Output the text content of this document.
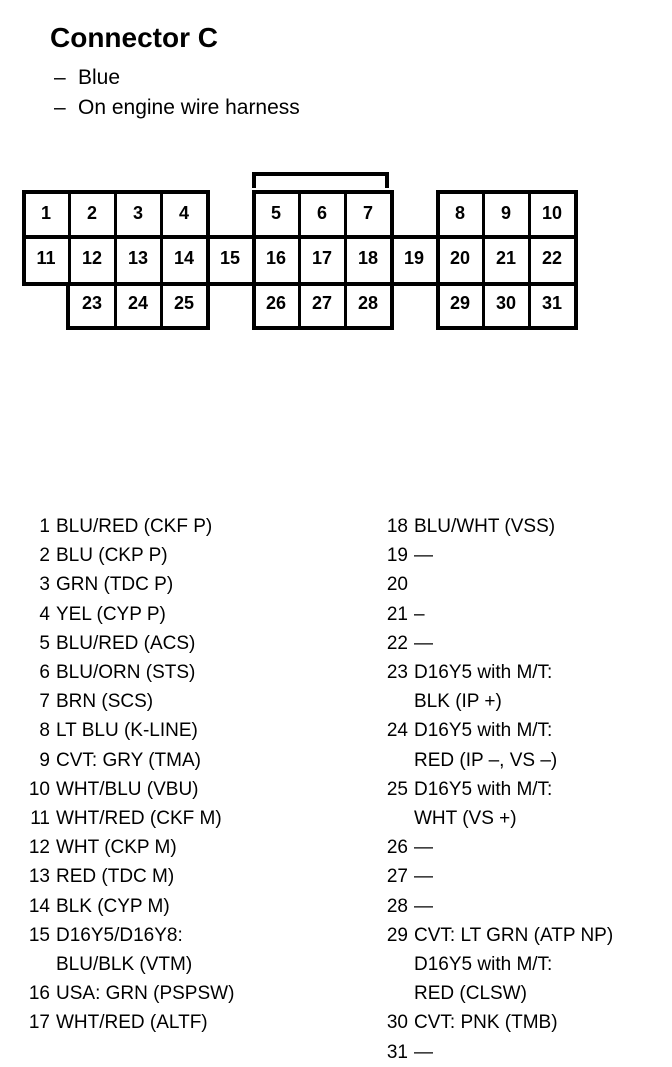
Connector C
– Blue
– On engine wire harness
1	2	3	4	5	6	7	8	9	10
11	12	13	14	15	16	17	18	19	20	21	22
23	24	25	26	27	28	29	30	31
1 BLU/RED (CKF P)
2 BLU (CKP P)
3 GRN (TDC P)
4 YEL (CYP P)
5 BLU/RED (ACS)
6 BLU/ORN (STS)
7 BRN (SCS)
8 LT BLU (K-LINE)
9 CVT: GRY (TMA)
10 WHT/BLU (VBU)
11 WHT/RED (CKF M)
12 WHT (CKP M)
13 RED (TDC M)
14 BLK (CYP M)
15 D16Y5/D16Y8:
BLU/BLK (VTM)
16 USA: GRN (PSPSW)
17 WHT/RED (ALTF)
18 BLU/WHT (VSS)
19 —
20
21 –
22 —
23 D16Y5 with M/T:
BLK (IP +)
24 D16Y5 with M/T:
RED (IP –, VS –)
25 D16Y5 with M/T:
WHT (VS +)
26 —
27 —
28 —
29 CVT: LT GRN (ATP NP)
D16Y5 with M/T:
RED (CLSW)
30 CVT: PNK (TMB)
31 —
